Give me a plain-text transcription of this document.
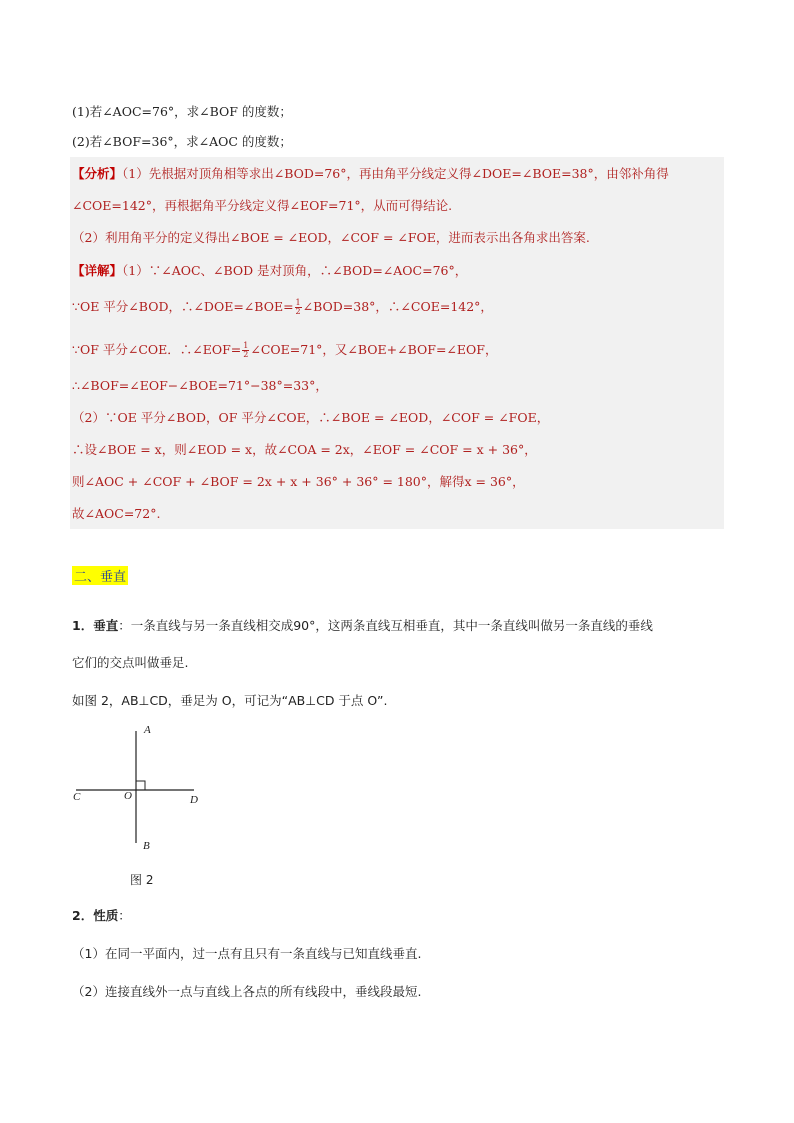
(1)若∠AOC=76°，求∠BOF 的度数；
(2)若∠BOF=36°，求∠AOC 的度数；
【分析】（1）先根据对顶角相等求出∠BOD=76°，再由角平分线定义得∠DOE=∠BOE=38°，由邻补角得
∠COE=142°，再根据角平分线定义得∠EOF=71°，从而可得结论.
（2）利用角平分的定义得出∠BOE = ∠EOD，∠COF = ∠FOE，进而表示出各角求出答案.
【详解】（1）∵∠AOC、∠BOD 是对顶角，∴∠BOD=∠AOC=76°，
∵OE 平分∠BOD，∴∠DOE=∠BOE= $\frac{1}{2}$ ∠BOD=38°，∴∠COE=142°，
∵OF 平分∠COE．∴∠EOF= $\frac{1}{2}$ ∠COE=71°，又∠BOE+∠BOF=∠EOF，
∴∠BOF=∠EOF−∠BOE=71°−38°=33°，
（2）∵OE 平分∠BOD，OF 平分∠COE，∴∠BOE = ∠EOD，∠COF = ∠FOE，
∴设∠BOE = x，则∠EOD = x，故∠COA = 2x，∠EOF = ∠COF = x + 36°，
则∠AOC + ∠COF + ∠BOF = 2x + x + 36° + 36° = 180°，解得x = 36°，
故∠AOC=72°.
二、垂直
1．垂直：一条直线与另一条直线相交成90°，这两条直线互相垂直，其中一条直线叫做另一条直线的垂线
它们的交点叫做垂足.
如图 2，AB⊥CD，垂足为 O，可记为“AB⊥CD 于点 O”.
A
B
C	D
O
图 2
2．性质：
（1）在同一平面内，过一点有且只有一条直线与已知直线垂直.
（2）连接直线外一点与直线上各点的所有线段中，垂线段最短.
